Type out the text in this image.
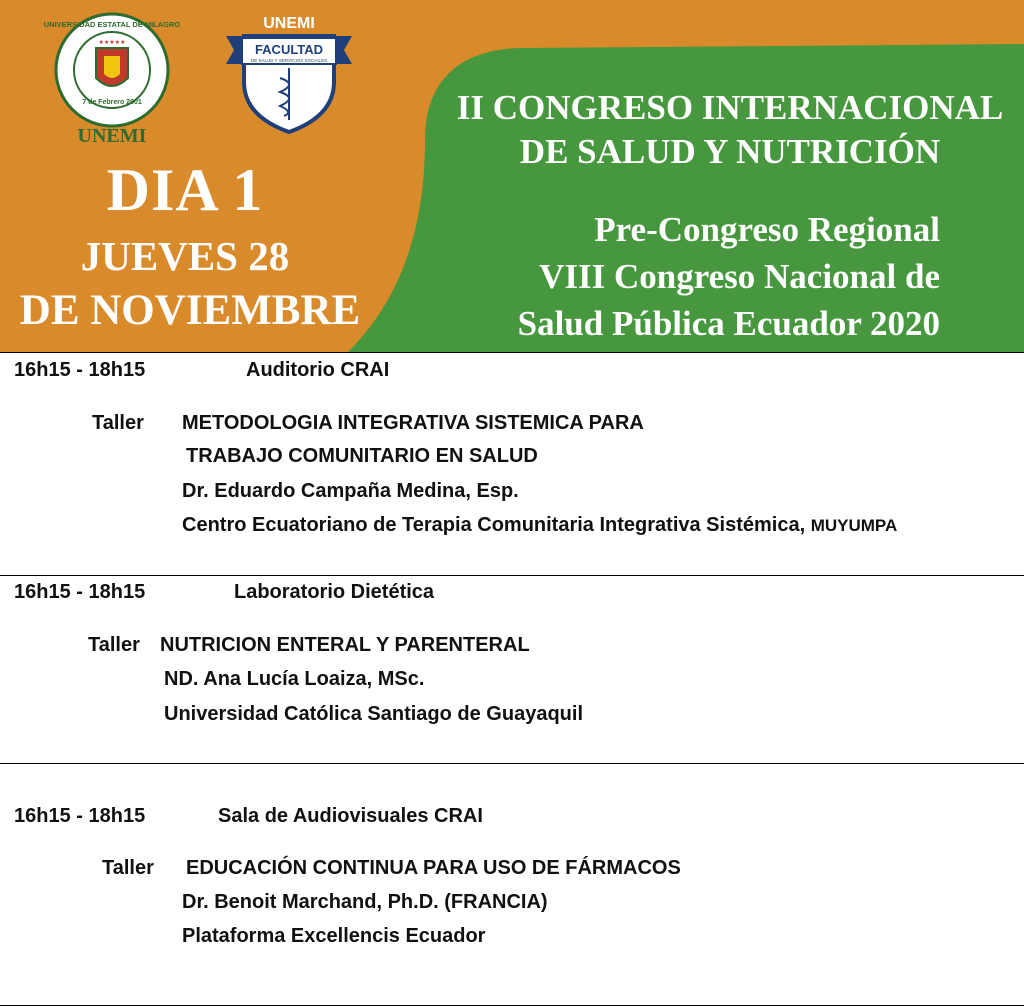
★★★★★
7 de Febrero 2001
UNIVERSIDAD ESTATAL DE MILAGRO
UNEMI
UNEMI
FACULTAD
DE SALUD Y SERVICIOS SOCIALES
DIA 1
JUEVES 28
DE NOVIEMBRE
II CONGRESO INTERNACIONAL
DE SALUD Y NUTRICIÓN
Pre-Congreso Regional
VIII Congreso Nacional de
Salud Pública Ecuador 2020
16h15 - 18h15	Auditorio CRAI
Taller METODOLOGIA INTEGRATIVA SISTEMICA PARA
TRABAJO COMUNITARIO EN SALUD
Dr. Eduardo Campaña Medina, Esp.
Centro Ecuatoriano de Terapia Comunitaria Integrativa Sistémica, MUYUMPA
16h15 - 18h15	Laboratorio Dietética
Taller NUTRICION ENTERAL Y PARENTERAL
ND. Ana Lucía Loaiza, MSc.
Universidad Católica Santiago de Guayaquil
16h15 - 18h15	Sala de Audiovisuales CRAI
Taller EDUCACIÓN CONTINUA PARA USO DE FÁRMACOS
Dr. Benoit Marchand, Ph.D. (FRANCIA)
Plataforma Excellencis Ecuador
